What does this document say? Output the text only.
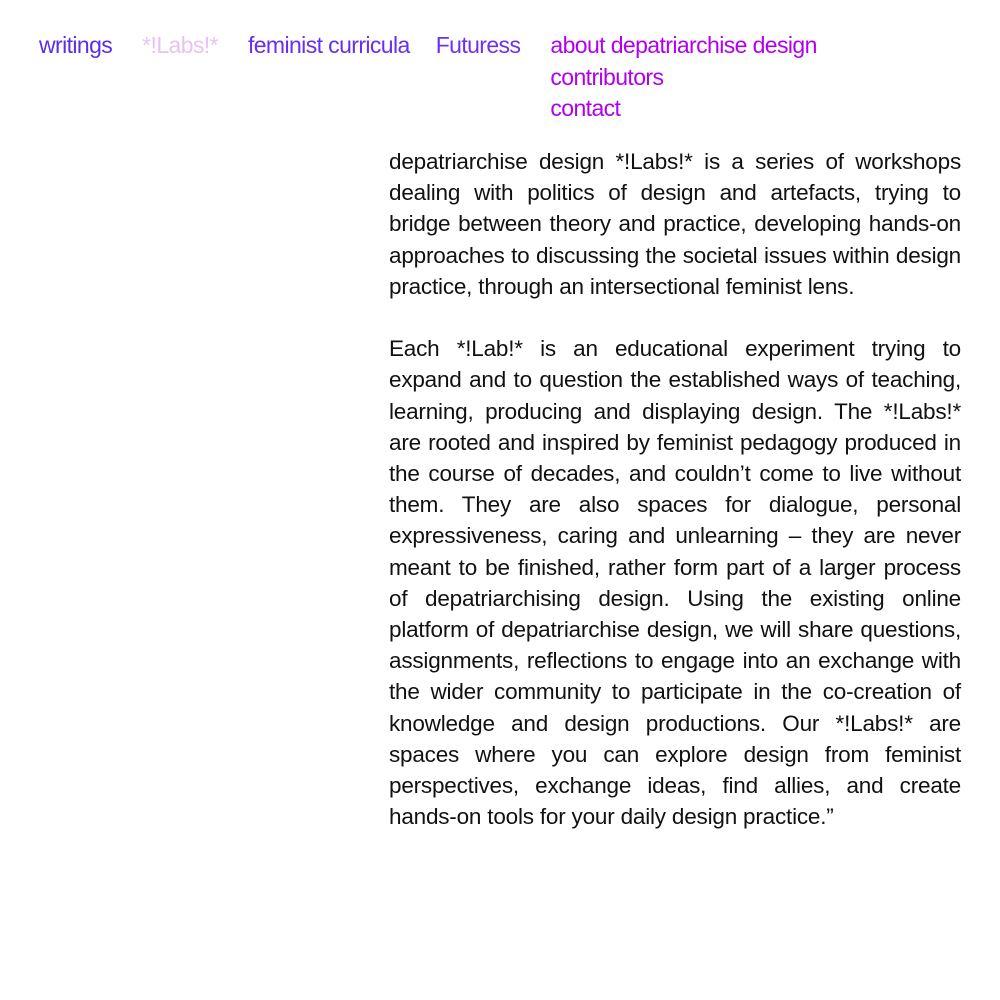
writings *!Labs!* feminist curricula Futuress about depatriarchise design
contributors
contact

depatriarchise design *!Labs!* is a series of workshops dealing with politics of design and artefacts, trying to bridge between theory and practice, developing hands-on approaches to discussing the societal issues within design practice, through an intersectional feminist lens.

Each *!Lab!* is an educational experiment trying to expand and to question the established ways of teaching, learning, producing and displaying design. The *!Labs!* are rooted and inspired by feminist pedagogy produced in the course of decades, and couldn’t come to live without them. They are also spaces for dialogue, personal expressiveness, caring and unlearning – they are never meant to be finished, rather form part of a larger process of depatriarchising design. Using the existing online platform of depatriarchise design, we will share questions, assignments, reflections to engage into an exchange with the wider community to participate in the co-creation of knowledge and design productions. Our *!Labs!* are spaces where you can explore design from feminist perspectives, exchange ideas, find allies, and create hands-on tools for your daily design practice.”
